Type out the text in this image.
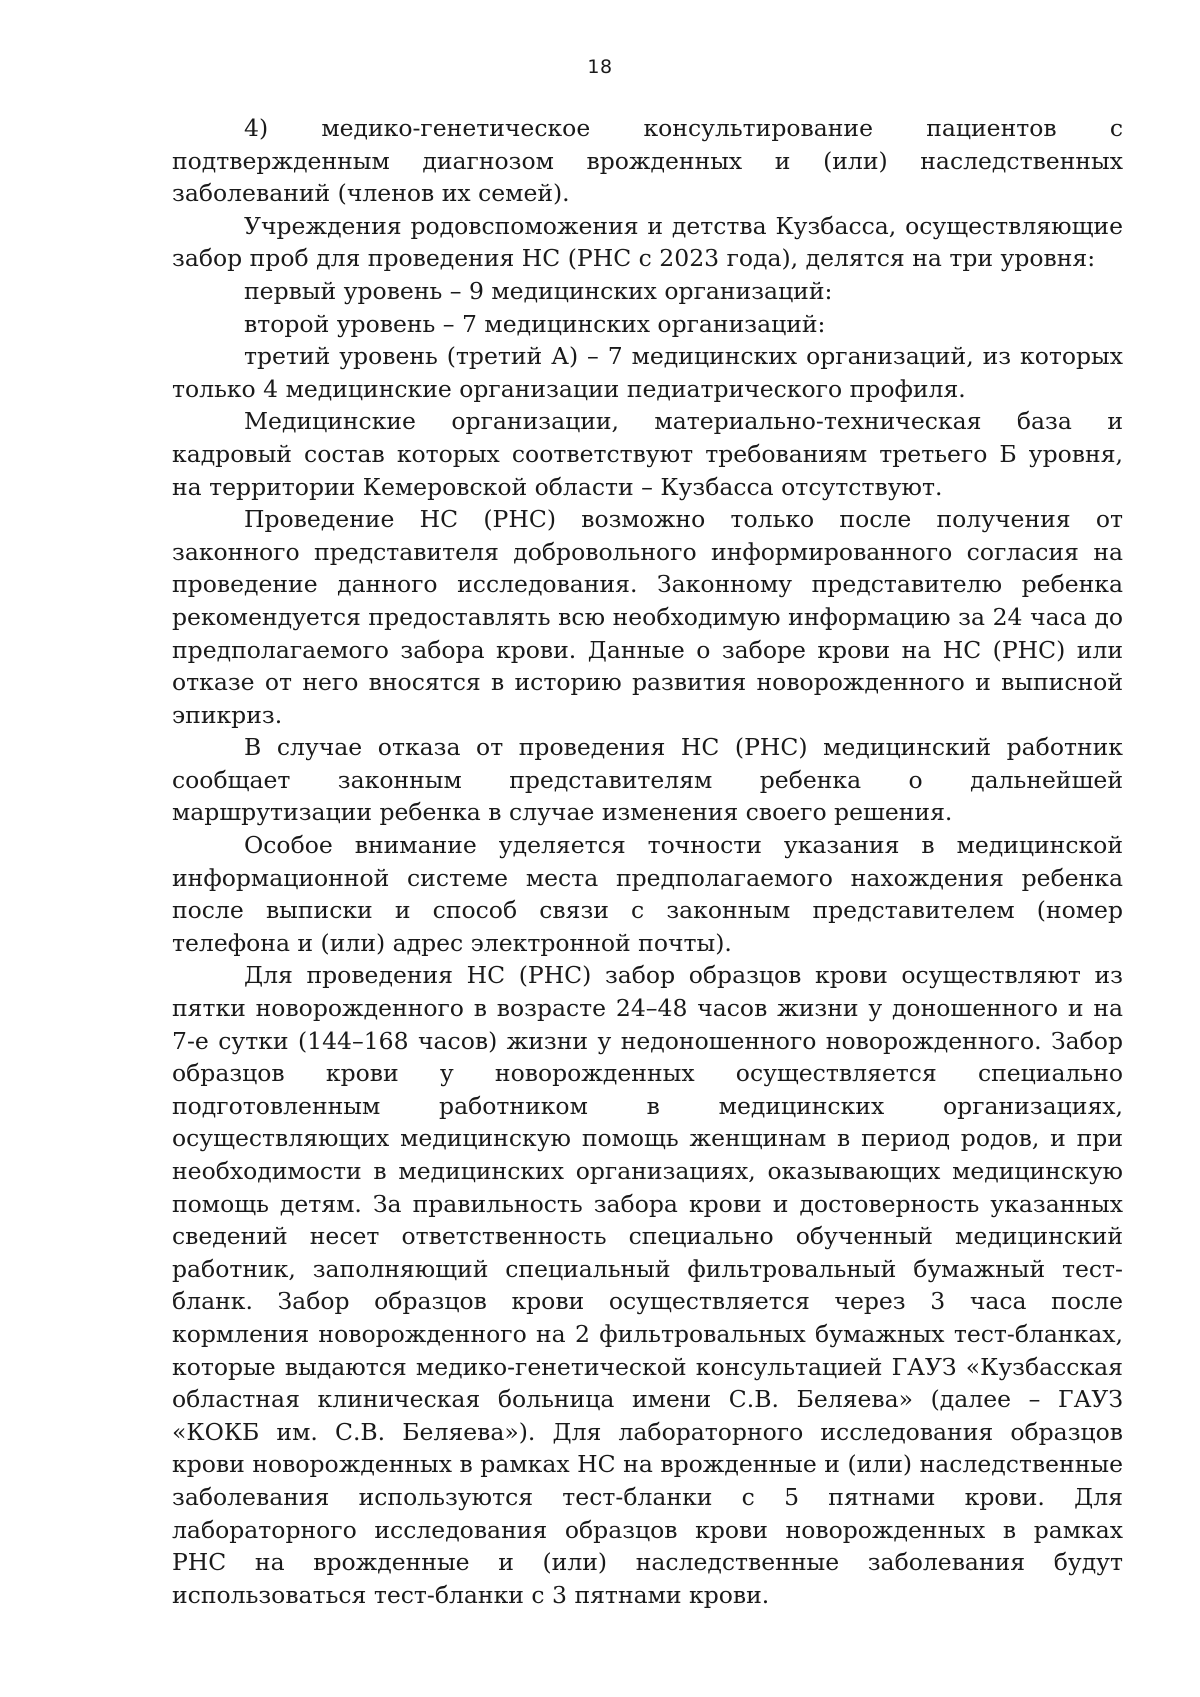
18

4) медико-генетическое консультирование пациентов с подтвержденным диагнозом врожденных и (или) наследственных заболеваний (членов их семей).

Учреждения родовспоможения и детства Кузбасса, осуществляющие забор проб для проведения НС (РНС с 2023 года), делятся на три уровня:

первый уровень – 9 медицинских организаций:

второй уровень – 7 медицинских организаций:

третий уровень (третий А) – 7 медицинских организаций, из которых только 4 медицинские организации педиатрического профиля.

Медицинские организации, материально-техническая база и кадровый состав которых соответствуют требованиям третьего Б уровня, на территории Кемеровской области – Кузбасса отсутствуют.

Проведение НС (РНС) возможно только после получения от законного представителя добровольного информированного согласия на проведение данного исследования. Законному представителю ребенка рекомендуется предоставлять всю необходимую информацию за 24 часа до предполагаемого забора крови. Данные о заборе крови на НС (РНС) или отказе от него вносятся в историю развития новорожденного и выписной эпикриз.

В случае отказа от проведения НС (РНС) медицинский работник сообщает законным представителям ребенка о дальнейшей маршрутизации ребенка в случае изменения своего решения.

Особое внимание уделяется точности указания в медицинской информационной системе места предполагаемого нахождения ребенка после выписки и способ связи с законным представителем (номер телефона и (или) адрес электронной почты).

Для проведения НС (РНС) забор образцов крови осуществляют из пятки новорожденного в возрасте 24–48 часов жизни у доношенного и на 7-е сутки (144–168 часов) жизни у недоношенного новорожденного. Забор образцов крови у новорожденных осуществляется специально подготовленным работником в медицинских организациях, осуществляющих медицинскую помощь женщинам в период родов, и при необходимости в медицинских организациях, оказывающих медицинскую помощь детям. За правильность забора крови и достоверность указанных сведений несет ответственность специально обученный медицинский работник, заполняющий специальный фильтровальный бумажный тест-бланк. Забор образцов крови осуществляется через 3 часа после кормления новорожденного на 2 фильтровальных бумажных тест-бланках, которые выдаются медико-генетической консультацией ГАУЗ «Кузбасская областная клиническая больница имени С.В. Беляева» (далее – ГАУЗ «КОКБ им. С.В. Беляева»). Для лабораторного исследования образцов крови новорожденных в рамках НС на врожденные и (или) наследственные заболевания используются тест-бланки с 5 пятнами крови. Для лабораторного исследования образцов крови новорожденных в рамках РНС на врожденные и (или) наследственные заболевания будут использоваться тест-бланки с 3 пятнами крови.
